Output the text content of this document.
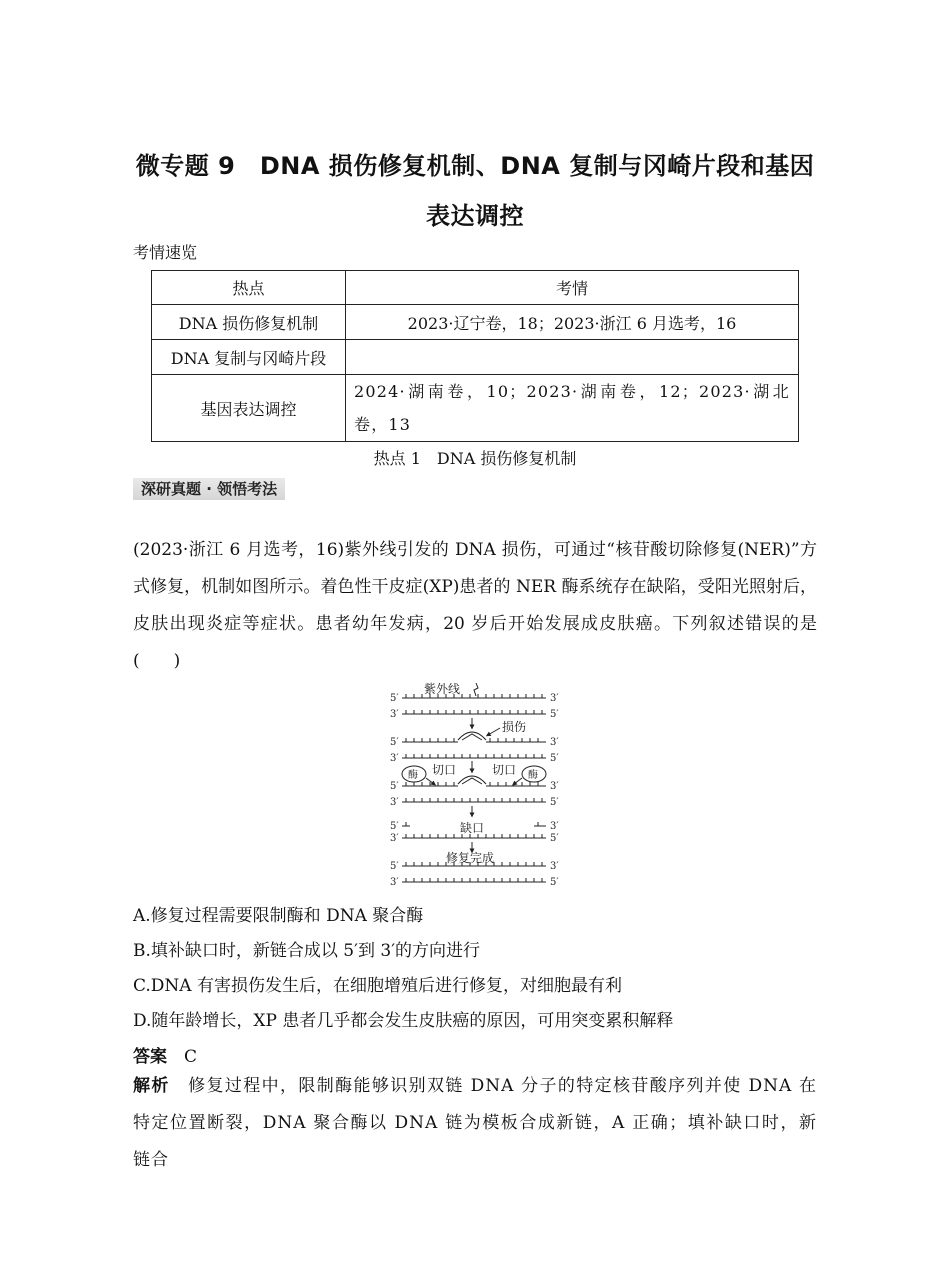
微专题 9　DNA 损伤修复机制、DNA 复制与冈崎片段和基因
表达调控
考情速览
热点	考情
DNA 损伤修复机制	2023·辽宁卷，18；2023·浙江 6 月选考，16
DNA 复制与冈崎片段	
基因表达调控	2024·湖南卷，10；2023·湖南卷，12；2023·湖北卷，13
热点 1　DNA 损伤修复机制
深研真题 · 领悟考法
(2023·浙江 6 月选考，16)紫外线引发的 DNA 损伤，可通过“核苷酸切除修复(NER)”方式修复，机制如图所示。着色性干皮症(XP)患者的 NER 酶系统存在缺陷，受阳光照射后，皮肤出现炎症等症状。患者幼年发病，20 岁后开始发展成皮肤癌。下列叙述错误的是(　　)
5′	3′
3′	5′
5′	3′
3′	5′
5′	3′
3′	5′
5′	3′
3′	5′
5′	3′
3′	5′
紫外线
损伤
切口	切口
酶	酶
缺口
修复完成
A.修复过程需要限制酶和 DNA 聚合酶
B.填补缺口时，新链合成以 5′到 3′的方向进行
C.DNA 有害损伤发生后，在细胞增殖后进行修复，对细胞最有利
D.随年龄增长，XP 患者几乎都会发生皮肤癌的原因，可用突变累积解释
答案　 C
解析　 修复过程中，限制酶能够识别双链 DNA 分子的特定核苷酸序列并使 DNA 在特定位置断裂，DNA 聚合酶以 DNA 链为模板合成新链，A 正确；填补缺口时，新链合
